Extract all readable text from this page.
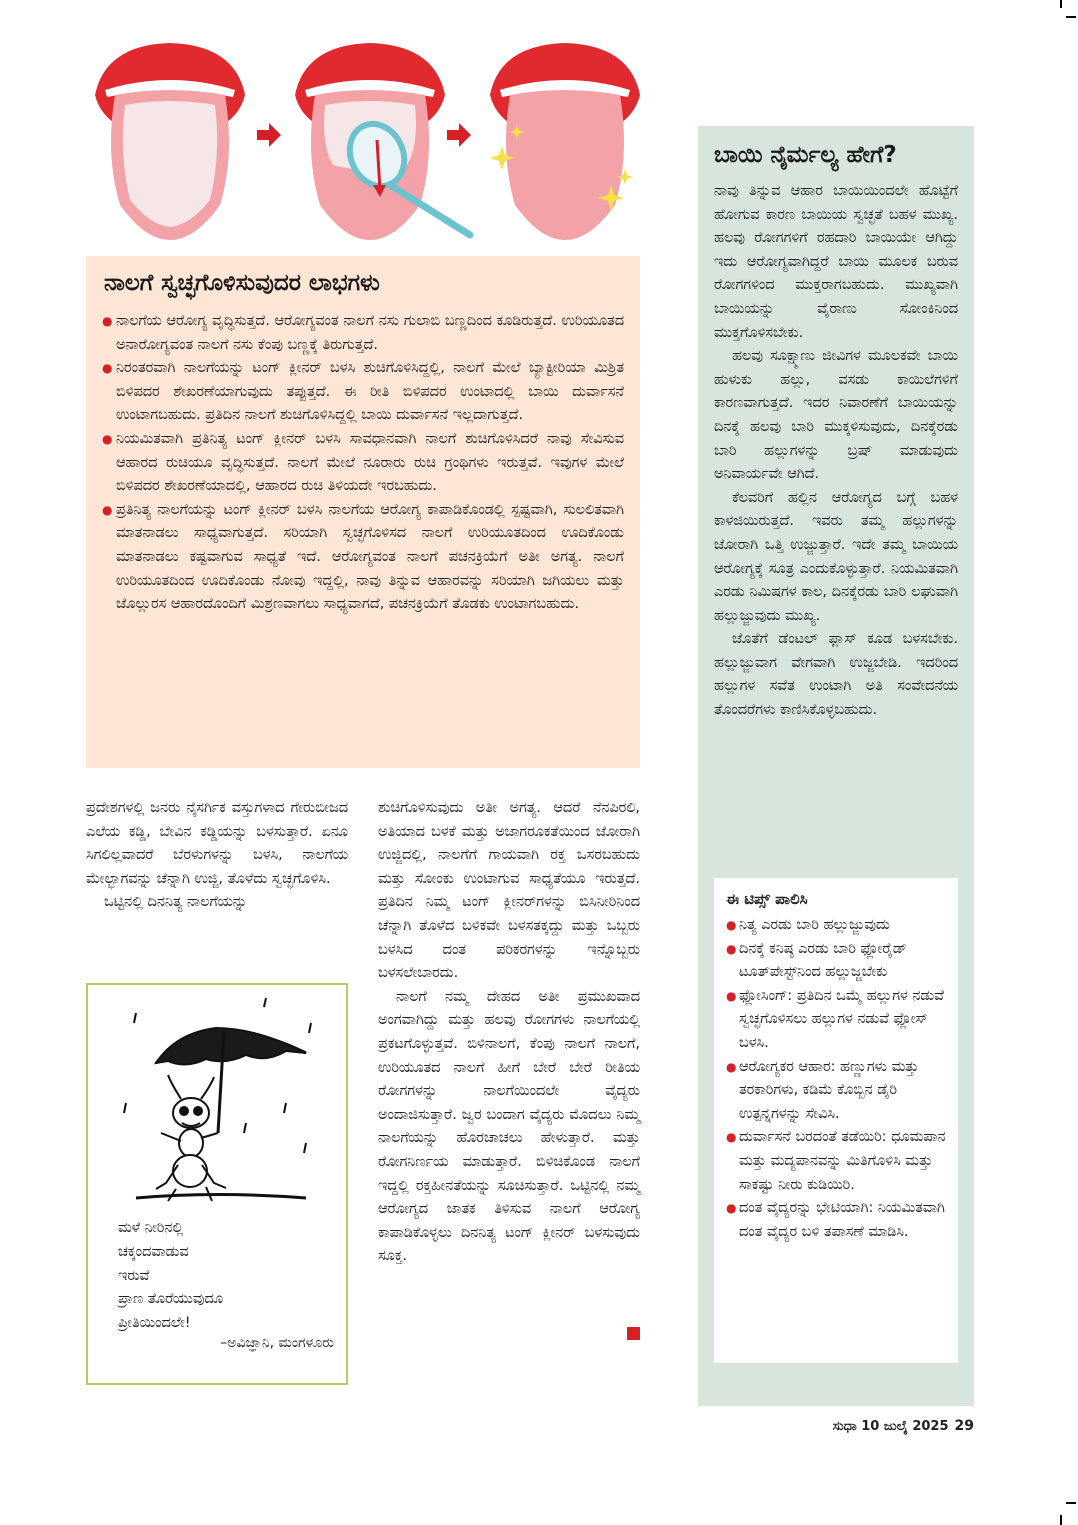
ನಾಲಗೆ ಸ್ವಚ್ಛಗೊಳಿಸುವುದರ ಲಾಭಗಳು
● ನಾಲಗೆಯ ಆರೋಗ್ಯ ವೃದ್ಧಿಸುತ್ತದೆ. ಆರೋಗ್ಯವಂತ ನಾಲಗೆ ನಸು ಗುಲಾಬಿ ಬಣ್ಣದಿಂದ ಕೂಡಿರುತ್ತದೆ. ಉರಿಯೂತದ ಅನಾರೋಗ್ಯವಂತ ನಾಲಗೆ ನಸು ಕೆಂಪು ಬಣ್ಣಕ್ಕೆ ತಿರುಗುತ್ತದೆ.
● ನಿರಂತರವಾಗಿ ನಾಲಗೆಯನ್ನು ಟಂಗ್ ಕ್ಲೀನರ್ ಬಳಸಿ ಶುಚಿಗೊಳಿಸಿದ್ದಲ್ಲಿ, ನಾಲಗೆ ಮೇಲೆ ಬ್ಯಾಕ್ಟೀರಿಯಾ ಮಿಶ್ರಿತ ಬಿಳಿಪದರ ಶೇಖರಣೆಯಾಗುವುದು ತಪ್ಪುತ್ತದೆ. ಈ ರೀತಿ ಬಿಳಿಪದರ ಉಂಟಾದಲ್ಲಿ ಬಾಯಿ ದುರ್ವಾಸನೆ ಉಂಟಾಗಬಹುದು. ಪ್ರತಿದಿನ ನಾಲಗೆ ಶುಚಿಗೊಳಿಸಿದ್ದಲ್ಲಿ ಬಾಯಿ ದುರ್ವಾಸನೆ ಇಲ್ಲದಾಗುತ್ತದೆ.
● ನಿಯಮಿತವಾಗಿ ಪ್ರತಿನಿತ್ಯ ಟಂಗ್ ಕ್ಲೀನರ್ ಬಳಸಿ ಸಾವಧಾನವಾಗಿ ನಾಲಗೆ ಶುಚಿಗೊಳಿಸಿದರೆ ನಾವು ಸೇವಿಸುವ ಆಹಾರದ ರುಚಿಯೂ ವೃದ್ಧಿಸುತ್ತದೆ. ನಾಲಗೆ ಮೇಲೆ ನೂರಾರು ರುಚಿ ಗ್ರಂಥಿಗಳು ಇರುತ್ತವೆ. ಇವುಗಳ ಮೇಲೆ ಬಿಳಿಪದರ ಶೇಖರಣೆಯಾದಲ್ಲಿ, ಆಹಾರದ ರುಚಿ ತಿಳಿಯದೇ ಇರಬಹುದು.
● ಪ್ರತಿನಿತ್ಯ ನಾಲಗೆಯನ್ನು ಟಂಗ್ ಕ್ಲೀನರ್ ಬಳಸಿ ನಾಲಗೆಯ ಆರೋಗ್ಯ ಕಾಪಾಡಿಕೊಂಡಲ್ಲಿ ಸ್ಪಷ್ಟವಾಗಿ, ಸುಲಲಿತವಾಗಿ ಮಾತನಾಡಲು ಸಾಧ್ಯವಾಗುತ್ತದೆ. ಸರಿಯಾಗಿ ಸ್ವಚ್ಛಗೊಳಿಸದ ನಾಲಗೆ ಉರಿಯೂತದಿಂದ ಊದಿಕೊಂಡು ಮಾತನಾಡಲು ಕಷ್ಟವಾಗುವ ಸಾಧ್ಯತೆ ಇದೆ. ಆರೋಗ್ಯವಂತ ನಾಲಗೆ ಪಚನಕ್ರಿಯೆಗೆ ಅತೀ ಅಗತ್ಯ. ನಾಲಗೆ ಉರಿಯೂತದಿಂದ ಊದಿಕೊಂಡು ನೋವು ಇದ್ದಲ್ಲಿ, ನಾವು ತಿನ್ನುವ ಆಹಾರವನ್ನು ಸರಿಯಾಗಿ ಜಗಿಯಲು ಮತ್ತು ಜೊಲ್ಲುರಸ ಆಹಾರದೊಂದಿಗೆ ಮಿಶ್ರಣವಾಗಲು ಸಾಧ್ಯವಾಗದೆ, ಪಚನಕ್ರಿಯೆಗೆ ತೊಡಕು ಉಂಟಾಗಬಹುದು.

ಪ್ರದೇಶಗಳಲ್ಲಿ ಜನರು ನೈಸರ್ಗಿಕ ವಸ್ತುಗಳಾದ ಗೇರುಬೀಜದ ಎಲೆಯ ಕಡ್ಡಿ, ಬೇವಿನ ಕಡ್ಡಿಯನ್ನು ಬಳಸುತ್ತಾರೆ. ಏನೂ ಸಿಗಲಿಲ್ಲವಾದರೆ ಬೆರಳುಗಳನ್ನು ಬಳಸಿ, ನಾಲಗೆಯ ಮೇಲ್ಭಾಗವನ್ನು ಚೆನ್ನಾಗಿ ಉಜ್ಜಿ, ತೊಳೆದು ಸ್ವಚ್ಛಗೊಳಿಸಿ.

ಒಟ್ಟಿನಲ್ಲಿ ದಿನನಿತ್ಯ ನಾಲಗೆಯನ್ನು

ಮಳೆ ನೀರಿನಲ್ಲಿ
ಚಕ್ಕಂದವಾಡುವ
ಇರುವೆ
ಪ್ರಾಣ ತೊರೆಯುವುದೂ
ಪ್ರೀತಿಯಿಂದಲೇ!
–ಅವಿಜ್ಞಾನಿ, ಮಂಗಳೂರು

ಶುಚಿಗೊಳಿಸುವುದು ಅತೀ ಅಗತ್ಯ. ಆದರೆ ನೆನಪಿರಲಿ, ಅತಿಯಾದ ಬಳಕೆ ಮತ್ತು ಅಜಾಗರೂಕತೆಯಿಂದ ಜೋರಾಗಿ ಉಜ್ಜಿದಲ್ಲಿ, ನಾಲಗೆಗೆ ಗಾಯವಾಗಿ ರಕ್ತ ಒಸರಬಹುದು ಮತ್ತು ಸೋಂಕು ಉಂಟಾಗುವ ಸಾಧ್ಯತೆಯೂ ಇರುತ್ತದೆ. ಪ್ರತಿದಿನ ನಿಮ್ಮ ಟಂಗ್ ಕ್ಲೀನರ್‌ಗಳನ್ನು ಬಿಸಿನೀರಿನಿಂದ ಚೆನ್ನಾಗಿ ತೊಳೆದ ಬಳಿಕವೇ ಬಳಸತಕ್ಕದ್ದು ಮತ್ತು ಒಬ್ಬರು ಬಳಸಿದ ದಂತ ಪರಿಕರಗಳನ್ನು ಇನ್ನೊಬ್ಬರು ಬಳಸಲೇಬಾರದು.

ನಾಲಗೆ ನಮ್ಮ ದೇಹದ ಅತೀ ಪ್ರಮುಖವಾದ ಅಂಗವಾಗಿದ್ದು ಮತ್ತು ಹಲವು ರೋಗಗಳು ನಾಲಗೆಯಲ್ಲಿ ಪ್ರಕಟಗೊಳ್ಳುತ್ತವೆ. ಬಿಳಿನಾಲಗೆ, ಕೆಂಪು ನಾಲಗೆ ನಾಲಗೆ, ಉರಿಯೂತದ ನಾಲಗೆ ಹೀಗೆ ಬೇರೆ ಬೇರೆ ರೀತಿಯ ರೋಗಗಳನ್ನು ನಾಲಗೆಯಿಂದಲೇ ವೈದ್ಯರು ಅಂದಾಜಿಸುತ್ತಾರೆ. ಜ್ವರ ಬಂದಾಗ ವೈದ್ಯರು ಮೊದಲು ನಿಮ್ಮ ನಾಲಗೆಯನ್ನು ಹೊರಚಾಚಲು ಹೇಳುತ್ತಾರೆ. ಮತ್ತು ರೋಗನಿರ್ಣಯ ಮಾಡುತ್ತಾರೆ. ಬಿಳಿಚಿಕೊಂಡ ನಾಲಗೆ ಇದ್ದಲ್ಲಿ ರಕ್ತಹೀನತೆಯನ್ನು ಸೂಚಿಸುತ್ತಾರೆ. ಒಟ್ಟಿನಲ್ಲಿ ನಮ್ಮ ಆರೋಗ್ಯದ ಜಾತಕ ತಿಳಿಸುವ ನಾಲಗೆ ಆರೋಗ್ಯ ಕಾಪಾಡಿಕೊಳ್ಳಲು ದಿನನಿತ್ಯ ಟಂಗ್ ಕ್ಲೀನರ್ ಬಳಸುವುದು ಸೂಕ್ತ.

ಬಾಯಿ ನೈರ್ಮಲ್ಯ ಹೇಗೆ?

ನಾವು ತಿನ್ನುವ ಆಹಾರ ಬಾಯಿಯಿಂದಲೇ ಹೊಟ್ಟೆಗೆ ಹೋಗುವ ಕಾರಣ ಬಾಯಿಯ ಸ್ವಚ್ಛತೆ ಬಹಳ ಮುಖ್ಯ. ಹಲವು ರೋಗಗಳಿಗೆ ರಹದಾರಿ ಬಾಯಿಯೇ ಆಗಿದ್ದು ಇದು ಆರೋಗ್ಯವಾಗಿದ್ದರೆ ಬಾಯಿ ಮೂಲಕ ಬರುವ ರೋಗಗಳಿಂದ ಮುಕ್ತರಾಗಬಹುದು. ಮುಖ್ಯವಾಗಿ ಬಾಯಿಯನ್ನು ವೈರಾಣು ಸೋಂಕಿನಿಂದ ಮುಕ್ತಗೊಳಿಸಬೇಕು.

ಹಲವು ಸೂಕ್ಷ್ಮಾಣು ಜೀವಿಗಳ ಮೂಲಕವೇ ಬಾಯಿ ಹುಳುಕು ಹಲ್ಲು, ವಸಡು ಕಾಯಿಲೆಗಳಿಗೆ ಕಾರಣವಾಗುತ್ತದೆ. ಇದರ ನಿವಾರಣೆಗೆ ಬಾಯಿಯನ್ನು ದಿನಕ್ಕೆ ಹಲವು ಬಾರಿ ಮುಕ್ಕಳಿಸುವುದು, ದಿನಕ್ಕೆರಡು ಬಾರಿ ಹಲ್ಲುಗಳನ್ನು ಬ್ರಷ್ ಮಾಡುವುದು ಅನಿವಾರ್ಯವೇ ಆಗಿದೆ.

ಕೆಲವರಿಗೆ ಹಲ್ಲಿನ ಆರೋಗ್ಯದ ಬಗ್ಗೆ ಬಹಳ ಕಾಳಜಿಯಿರುತ್ತದೆ. ಇವರು ತಮ್ಮ ಹಲ್ಲುಗಳನ್ನು ಜೋರಾಗಿ ಒತ್ತಿ ಉಜ್ಜುತ್ತಾರೆ. ಇದೇ ತಮ್ಮ ಬಾಯಿಯ ಆರೋಗ್ಯಕ್ಕೆ ಸೂತ್ರ ಎಂದುಕೊಳ್ಳುತ್ತಾರೆ. ನಿಯಮಿತವಾಗಿ ಎರಡು ನಿಮಿಷಗಳ ಕಾಲ, ದಿನಕ್ಕೆರಡು ಬಾರಿ ಲಘುವಾಗಿ ಹಲ್ಲುಜ್ಜುವುದು ಮುಖ್ಯ.

ಜೊತೆಗೆ ಡೆಂಟಲ್ ಫ್ಲಾಸ್ ಕೂಡ ಬಳಸಬೇಕು. ಹಲ್ಲುಜ್ಜುವಾಗ ವೇಗವಾಗಿ ಉಜ್ಜಬೇಡಿ. ಇದರಿಂದ ಹಲ್ಲುಗಳ ಸವೆತ ಉಂಟಾಗಿ ಅತಿ ಸಂವೇದನೆಯ ತೊಂದರೆಗಳು ಕಾಣಿಸಿಕೊಳ್ಳಬಹುದು.

ಈ ಟಿಪ್ಸ್ ಪಾಲಿಸಿ
● ನಿತ್ಯ ಎರಡು ಬಾರಿ ಹಲ್ಲುಜ್ಜುವುದು
● ದಿನಕ್ಕೆ ಕನಿಷ್ಠ ಎರಡು ಬಾರಿ ಫ್ಲೋರೈಡ್ ಟೂತ್‌ಪೇಸ್ಟ್‌ನಿಂದ ಹಲ್ಲುಜ್ಜಬೇಕು
● ಫ್ಲೋಸಿಂಗ್: ಪ್ರತಿದಿನ ಒಮ್ಮೆ ಹಲ್ಲುಗಳ ನಡುವೆ ಸ್ವಚ್ಛಗೊಳಿಸಲು ಹಲ್ಲುಗಳ ನಡುವೆ ಫ್ಲೋಸ್ ಬಳಸಿ.
● ಆರೋಗ್ಯಕರ ಆಹಾರ: ಹಣ್ಣುಗಳು ಮತ್ತು ತರಕಾರಿಗಳು, ಕಡಿಮೆ ಕೊಬ್ಬಿನ ಡೈರಿ ಉತ್ಪನ್ನಗಳನ್ನು ಸೇವಿಸಿ.
● ದುರ್ವಾಸನೆ ಬರದಂತೆ ತಡೆಯಿರಿ: ಧೂಮಪಾನ ಮತ್ತು ಮದ್ಯಪಾನವನ್ನು ಮಿತಿಗೊಳಿಸಿ ಮತ್ತು ಸಾಕಷ್ಟು ನೀರು ಕುಡಿಯಿರಿ.
● ದಂತ ವೈದ್ಯರನ್ನು ಭೇಟಿಯಾಗಿ: ನಿಯಮಿತವಾಗಿ ದಂತ ವೈದ್ಯರ ಬಳಿ ತಪಾಸಣೆ ಮಾಡಿಸಿ.
ಸುಧಾ 10 ಜುಲೈ 2025 29
